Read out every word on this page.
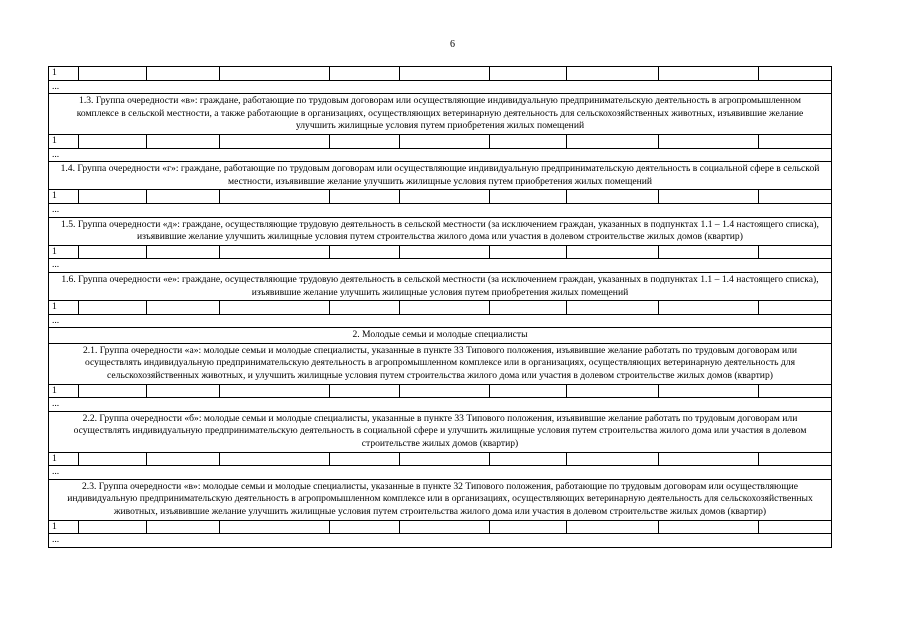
6
1									
...									
1.3. Группа очередности «в»: граждане, работающие по трудовым договорам или осуществляющие индивидуальную предпринимательскую деятельность в агропромышленном комплексе в сельской местности, а также работающие в организациях, осуществляющих ветеринарную деятельность для сельскохозяйственных животных, изъявившие желание улучшить жилищные условия путем приобретения жилых помещений									
1									
...									
1.4. Группа очередности «г»: граждане, работающие по трудовым договорам или осуществляющие индивидуальную предпринимательскую деятельность в социальной сфере в сельской местности, изъявившие желание улучшить жилищные условия путем приобретения жилых помещений									
1									
...									
1.5. Группа очередности «д»: граждане, осуществляющие трудовую деятельность в сельской местности (за исключением граждан, указанных в подпунктах 1.1 – 1.4 настоящего списка), изъявившие желание улучшить жилищные условия путем строительства жилого дома или участия в долевом строительстве жилых домов (квартир)									
1									
...									
1.6. Группа очередности «е»: граждане, осуществляющие трудовую деятельность в сельской местности (за исключением граждан, указанных в подпунктах 1.1 – 1.4 настоящего списка), изъявившие желание улучшить жилищные условия путем приобретения жилых помещений									
1									
...									
2. Молодые семьи и молодые специалисты									
2.1. Группа очередности «а»: молодые семьи и молодые специалисты, указанные в пункте 33 Типового положения, изъявившие желание работать по трудовым договорам или осуществлять индивидуальную предпринимательскую деятельность в агропромышленном комплексе или в организациях, осуществляющих ветеринарную деятельность для сельскохозяйственных животных, и улучшить жилищные условия путем строительства жилого дома или участия в долевом строительстве жилых домов (квартир)									
1									
...									
2.2. Группа очередности «б»: молодые семьи и молодые специалисты, указанные в пункте 33 Типового положения, изъявившие желание работать по трудовым договорам или осуществлять индивидуальную предпринимательскую деятельность в социальной сфере и улучшить жилищные условия путем строительства жилого дома или участия в долевом строительстве жилых домов (квартир)									
1									
...									
2.3. Группа очередности «в»: молодые семьи и молодые специалисты, указанные в пункте 32 Типового положения, работающие по трудовым договорам или осуществляющие индивидуальную предпринимательскую деятельность в агропромышленном комплексе или в организациях, осуществляющих ветеринарную деятельность для сельскохозяйственных животных, изъявившие желание улучшить жилищные условия путем строительства жилого дома или участия в долевом строительстве жилых домов (квартир)									
1									
...									
